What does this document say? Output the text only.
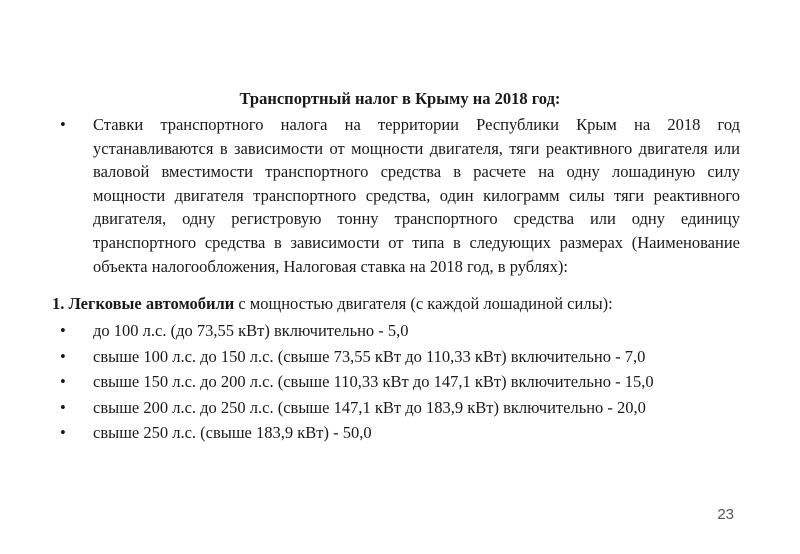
Транспортный налог в Крыму на 2018 год:
•	Ставки транспортного налога на территории Республики Крым на 2018 год устанавливаются в зависимости от мощности двигателя, тяги реактивного двигателя или валовой вместимости транспортного средства в расчете на одну лошадиную силу мощности двигателя транспортного средства, один килограмм силы тяги реактивного двигателя, одну регистровую тонну транспортного средства или одну единицу транспортного средства в зависимости от типа в следующих размерах (Наименование объекта налогообложения, Налоговая ставка на 2018 год, в рублях):
1. Легковые автомобили с мощностью двигателя (с каждой лошадиной силы):
•	до 100 л.с. (до 73,55 кВт) включительно - 5,0
•	свыше 100 л.с. до 150 л.с. (свыше 73,55 кВт до 110,33 кВт) включительно - 7,0
•	свыше 150 л.с. до 200 л.с. (свыше 110,33 кВт до 147,1 кВт) включительно - 15,0
•	свыше 200 л.с. до 250 л.с. (свыше 147,1 кВт до 183,9 кВт) включительно - 20,0
•	свыше 250 л.с. (свыше 183,9 кВт) - 50,0
23
